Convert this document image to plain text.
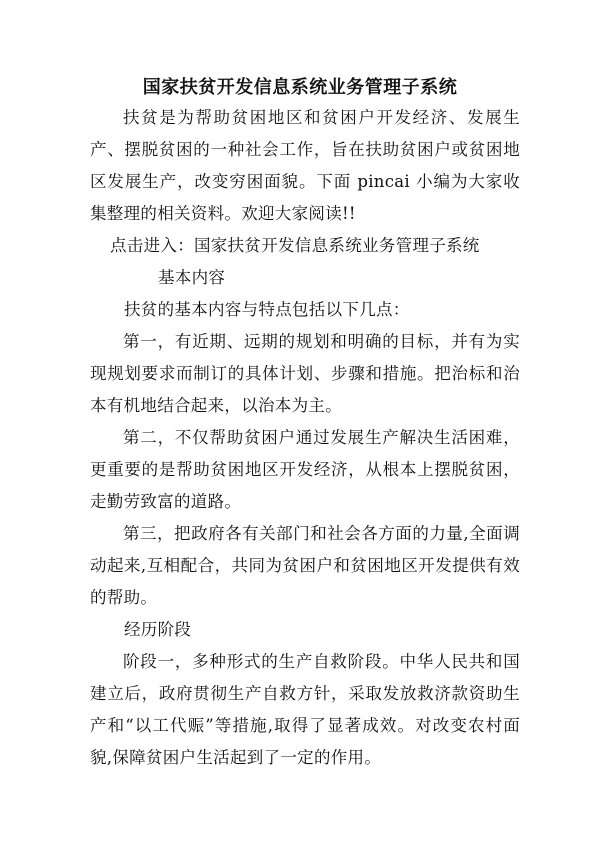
国家扶贫开发信息系统业务管理子系统

扶贫是为帮助贫困地区和贫困户开发经济、发展生产、摆脱贫困的一种社会工作，旨在扶助贫困户或贫困地区发展生产，改变穷困面貌。下面 pincai 小编为大家收集整理的相关资料。欢迎大家阅读!!

点击进入：国家扶贫开发信息系统业务管理子系统

基本内容

扶贫的基本内容与特点包括以下几点：

第一，有近期、远期的规划和明确的目标，并有为实现规划要求而制订的具体计划、步骤和措施。把治标和治本有机地结合起来，以治本为主。

第二，不仅帮助贫困户通过发展生产解决生活困难，更重要的是帮助贫困地区开发经济，从根本上摆脱贫困，走勤劳致富的道路。

第三，把政府各有关部门和社会各方面的力量,全面调动起来,互相配合，共同为贫困户和贫困地区开发提供有效的帮助。

经历阶段

阶段一，多种形式的生产自救阶段。中华人民共和国建立后，政府贯彻生产自救方针，采取发放救济款资助生产和“以工代赈”等措施,取得了显著成效。对改变农村面貌,保障贫困户生活起到了一定的作用。
